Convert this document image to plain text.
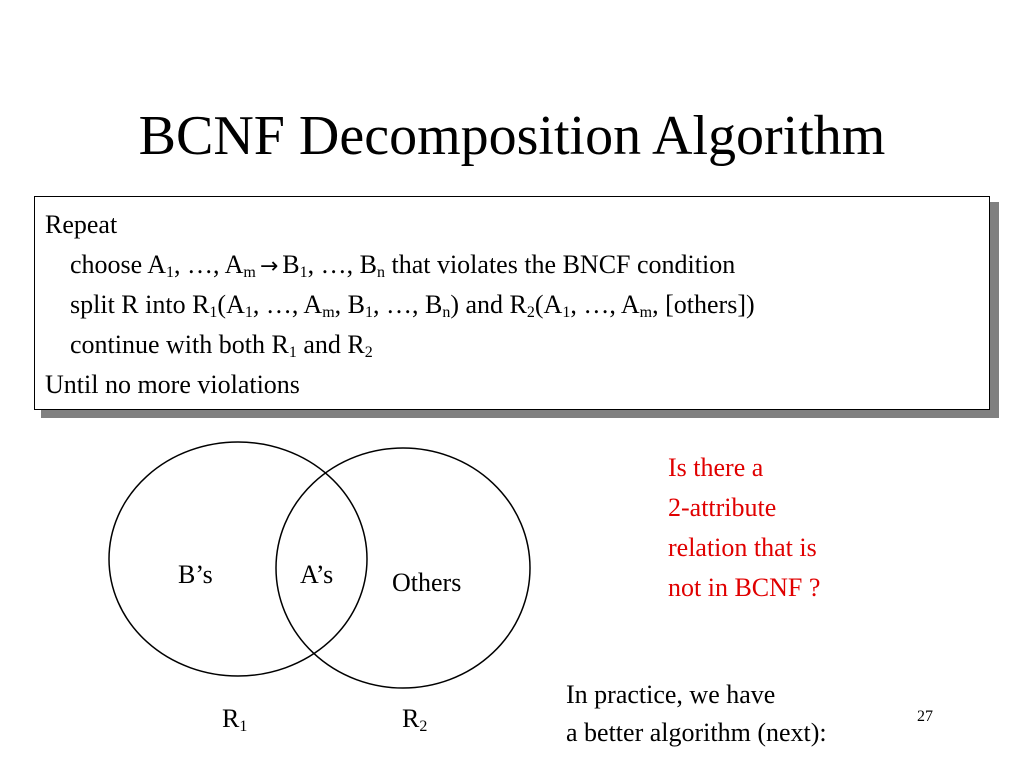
BCNF Decomposition Algorithm
Repeat
choose $A_1$, …, $A_m \to B_1$, …, $B_n$ that violates the BNCF condition
split R into $R_1(A_1$, …, $A_m$, $B_1$, …, $B_n$) and $R_2(A_1$, …, $A_m$, [others])
continue with both $R_1$ and $R_2$
Until no more violations
B’s	A’s Others
$R_1$	$R_2$
Is there a
2-attribute
relation that is
not in BCNF ?
In practice, we have
a better algorithm (next):
27
